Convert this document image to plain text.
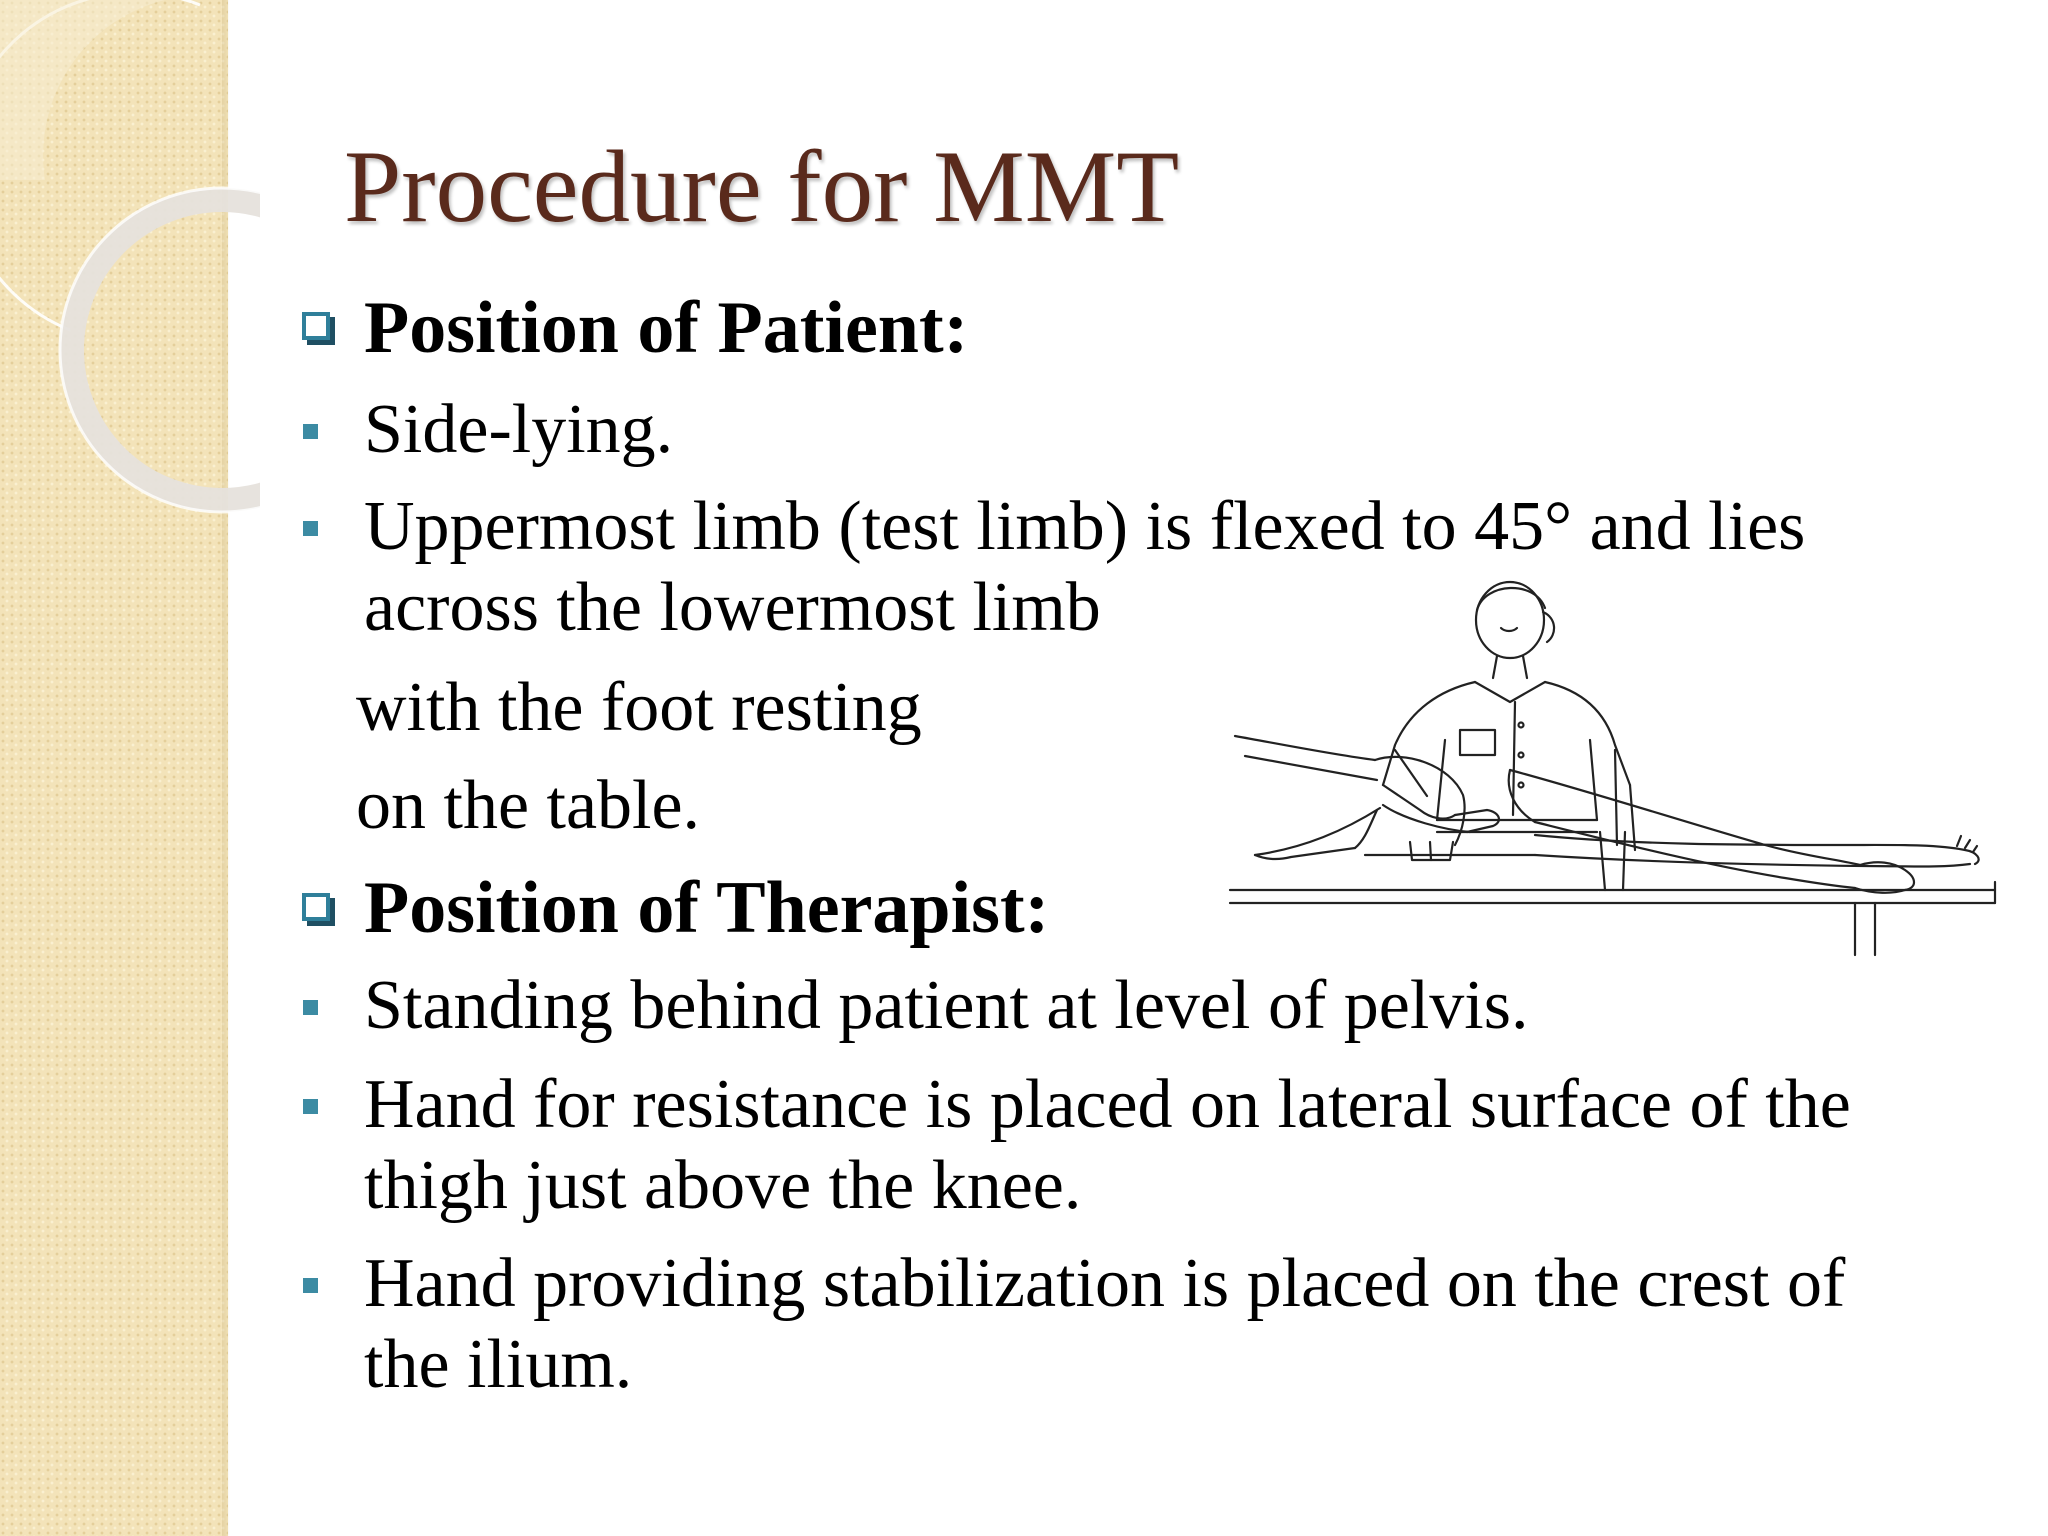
Procedure for MMT
Position of Patient:
Side-lying.
Uppermost limb (test limb) is flexed to 45° and lies
across the lowermost limb
with the foot resting
on the table.
Position of Therapist:
Standing behind patient at level of pelvis.
Hand for resistance is placed on lateral surface of the
thigh just above the knee.
Hand providing stabilization is placed on the crest of
the ilium.
